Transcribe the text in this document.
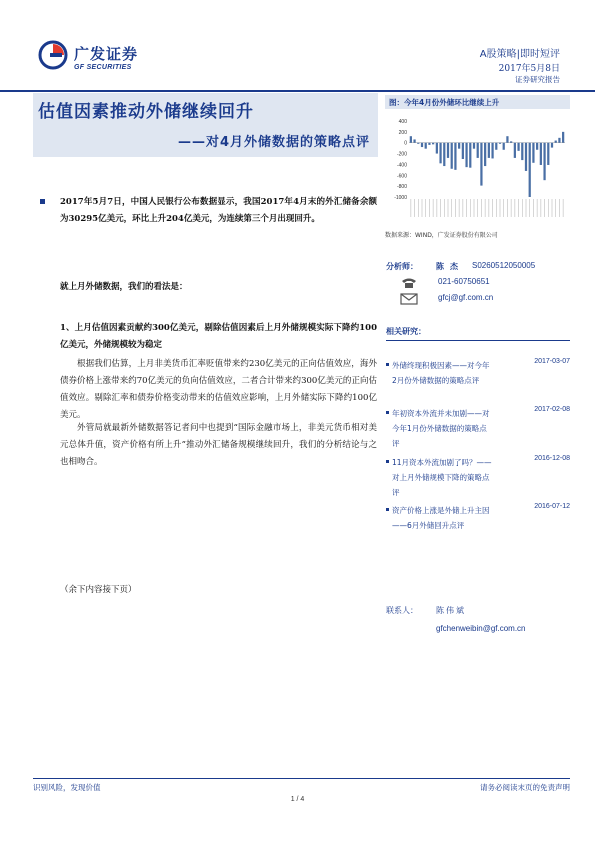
广发证券
GF SECURITIES
A股策略|即时短评
2017年5月8日
证券研究报告
估值因素推动外储继续回升
——对4月外储数据的策略点评
图：今年4月份外储环比继续上升
400
200
0
-200
-400
-600
-800
-1000
数据来源：WIND，广发证券股份有限公司
2017年5月7日，中国人民银行公布数据显示，我国2017年4月末的外汇储备余额为30295亿美元，环比上升204亿美元，为连续第三个月出现回升。
就上月外储数据，我们的看法是：
1、上月估值因素贡献约300亿美元，剔除估值因素后上月外储规模实际下降约100亿美元，外储规模较为稳定
根据我们估算，上月非美货币汇率贬值带来约230亿美元的正向估值效应，海外债券价格上涨带来约70亿美元的负向估值效应，二者合计带来约300亿美元的正向估值效应。剔除汇率和债券价格变动带来的估值效应影响，上月外储实际下降约100亿美元。
外管局就最新外储数据答记者问中也提到“国际金融市场上，非美元货币相对美元总体升值，资产价格有所上升”推动外汇储备规模继续回升，我们的分析结论与之也相吻合。
（余下内容接下页）
分析师： 陈杰 S0260512050005
021-60750651
gfcj@gf.com.cn
相关研究：
外储终现积极因素——对今年2月份外储数据的策略点评
2017-03-07
年初资本外流并未加剧——对今年1月份外储数据的策略点评
2017-02-08
11月资本外流加剧了吗？——对上月外储规模下降的策略点评
2016-12-08
资产价格上涨是外储上升主因——6月外储回升点评
2016-07-12
联系人： 陈伟斌
gfchenweibin@gf.com.cn
识别风险，发现价值	请务必阅读末页的免责声明
1 / 4
